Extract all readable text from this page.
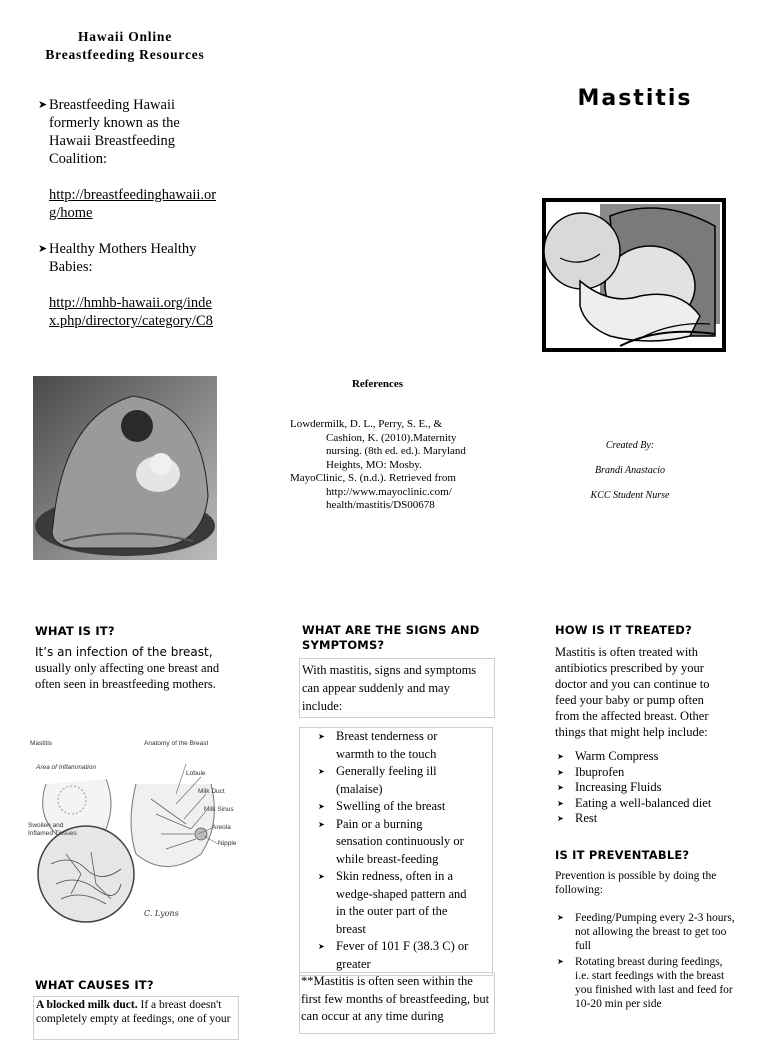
Hawaii Online Breastfeeding Resources
➤ Breastfeeding Hawaii formerly known as the Hawaii Breastfeeding Coalition:
http://breastfeedinghawaii.org/home
➤ Healthy Mothers Healthy Babies:
http://hmhb-hawaii.org/index.php/directory/category/C8
Mastitis
References
Lowdermilk, D. L., Perry, S. E., & Cashion, K. (2010).Maternity nursing. (8th ed. ed.). Maryland Heights, MO: Mosby.
MayoClinic, S. (n.d.). Retrieved from http://www.mayoclinic.com/ health/mastitis/DS00678
Created By:
Brandi Anastacio
KCC Student Nurse
WHAT IS IT?
It’s an infection of the breast, usually only affecting one breast and often seen in breastfeeding mothers.
Mastitis	Anatomy of the Breast
Area of Inflammation
Lobule
Milk Duct
Milk Sinus
Areola
Nipple
Swollen and Inflamed Tissues
C. Lyons
WHAT CAUSES IT?
A blocked milk duct. If a breast doesn't completely empty at feedings, one of your
WHAT ARE THE SIGNS AND SYMPTOMS?
With mastitis, signs and symptoms can appear suddenly and may include:
➤ Breast tenderness or warmth to the touch
➤ Generally feeling ill (malaise)
➤ Swelling of the breast
➤ Pain or a burning sensation continuously or while breast-feeding
➤ Skin redness, often in a wedge-shaped pattern and in the outer part of the breast
➤ Fever of 101 F (38.3 C) or greater
**Mastitis is often seen within the first few months of breastfeeding, but can occur at any time during
HOW IS IT TREATED?
Mastitis is often treated with antibiotics prescribed by your doctor and you can continue to feed your baby or pump often from the affected breast. Other things that might help include:
➤ Warm Compress
➤ Ibuprofen
➤ Increasing Fluids
➤ Eating a well-balanced diet
➤ Rest
IS IT PREVENTABLE?
Prevention is possible by doing the following:
➤ Feeding/Pumping every 2-3 hours, not allowing the breast to get too full
➤ Rotating breast during feedings, i.e. start feedings with the breast you finished with last and feed for 10-20 min per side
